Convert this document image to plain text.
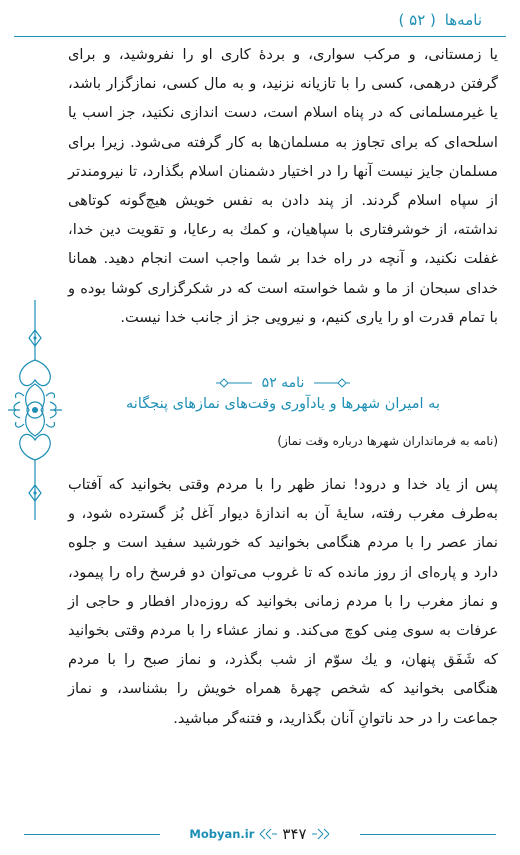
نامه‌ها ( ۵۲ )

یا زمستانی، و مرکب سواری، و بردهٔ کاری او را نفروشید، و برای گرفتن درهمی، کسی را با تازیانه نزنید، و به مال کسی، نمازگزار باشد، یا غیرمسلمانی که در پناه اسلام است، دست اندازی نکنید، جز اسب یا اسلحه‌ای که برای تجاوز به مسلمان‌ها به کار گرفته می‌شود. زیرا برای مسلمان جایز نیست آنها را در اختیار دشمنان اسلام بگذارد، تا نیرومندتر از سپاه اسلام گردند. از پند دادن به نفس خویش هیچ‌گونه کوتاهی نداشته، از خوشرفتاری با سپاهیان، و کمك به رعایا، و تقویت دین خدا، غفلت نکنید، و آنچه در راه خدا بر شما واجب است انجام دهید. همانا خدای سبحان از ما و شما خواسته است که در شکرگزاری کوشا بوده و با تمام قدرت او را یاری کنیم، و نیرویی جز از جانب خدا نیست.

نامه ۵۲
به امیران شهرها و یادآوری وقت‌های نمازهای پنجگانه
(نامه به فرمانداران شهرها درباره وقت نماز)

پس از یاد خدا و درود! نماز ظهر را با مردم وقتی بخوانید که آفتاب به‌طرف مغرب رفته، سایهٔ آن به اندازهٔ دیوار آغل بُز گسترده شود، و نماز عصر را با مردم هنگامی بخوانید که خورشید سفید است و جلوه دارد و پاره‌ای از روز مانده که تا غروب می‌توان دو فرسخ راه را پیمود، و نماز مغرب را با مردم زمانی بخوانید که روزه‌دار افطار و حاجی از عرفات به سوی مِنی کوچ می‌کند. و نماز عشاء را با مردم وقتی بخوانید که شَفَق پنهان، و یك سوّم از شب بگذرد، و نماز صبح را با مردم هنگامی بخوانید که شخص چهرهٔ همراه خویش را بشناسد، و نماز جماعت را در حد ناتوانِ آنان بگذارید، و فتنه‌گر مباشید.

Mobyan.ir ۳۴۷
